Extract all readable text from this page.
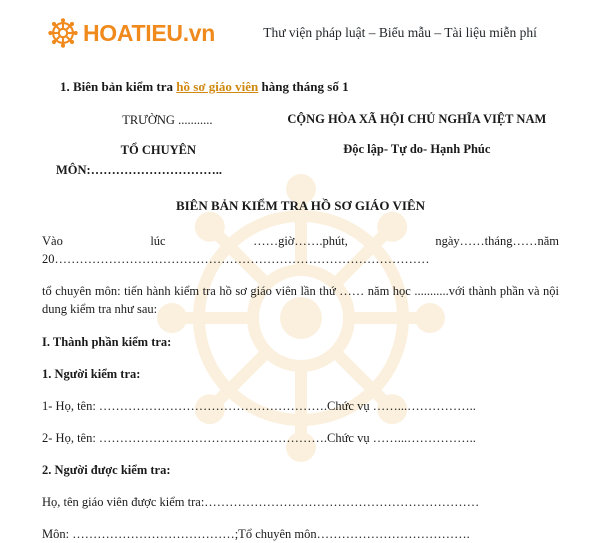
HOATIEU.vn	Thư viện pháp luật – Biểu mẫu – Tài liệu miễn phí
1. Biên bản kiểm tra hồ sơ giáo viên hàng tháng số 1
TRƯỜNG ...........
TỔ CHUYÊN
MÔN:…………………………..
CỘNG HÒA XÃ HỘI CHỦ NGHĨA VIỆT NAM
Độc lập- Tự do- Hạnh Phúc
BIÊN BẢN KIỂM TRA HỒ SƠ GIÁO VIÊN
Vào	lúc	……giờ…….phút,	ngày……tháng……năm
20………………………………………………………………………………
tổ chuyên môn: tiến hành kiểm tra hồ sơ giáo viên lần thứ …… năm học ...........với thành phần và nội dung kiểm tra như sau:
I. Thành phần kiểm tra:
1. Người kiểm tra:
1- Họ, tên: ……………………………………………….Chức vụ ……...……………..
2- Họ, tên: ……………………………………………….Chức vụ ……...……………..
2. Người được kiểm tra:
Họ, tên giáo viên được kiểm tra:…………………………………………………………
Môn: …………………………………;Tổ chuyên môn……………………………….
